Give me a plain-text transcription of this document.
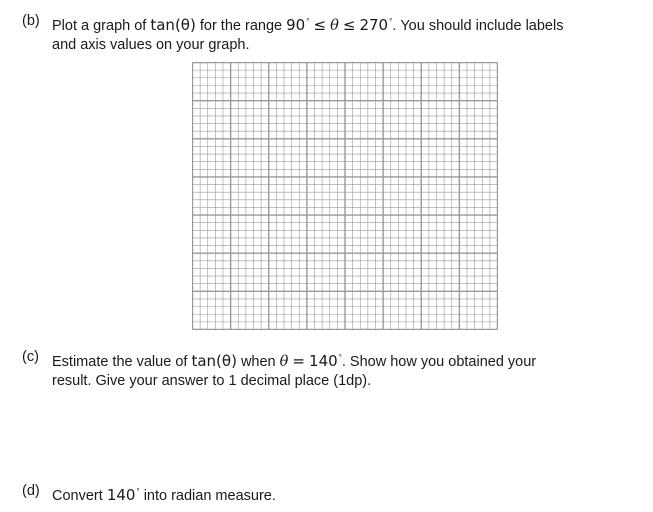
(b) Plot a graph of tan(θ) for the range 90° ≤ θ ≤ 270°. You should include labels
and axis values on your graph.
(c) Estimate the value of tan(θ) when θ = 140°. Show how you obtained your
result. Give your answer to 1 decimal place (1dp).
(d) Convert 140° into radian measure.
